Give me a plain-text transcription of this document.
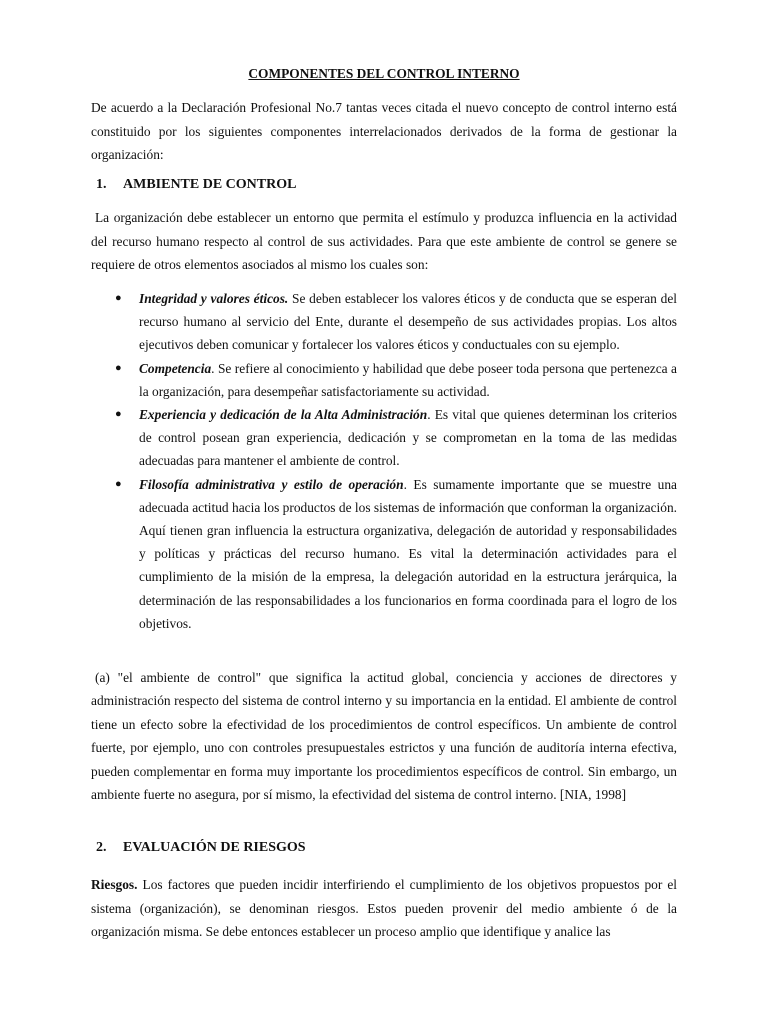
COMPONENTES DEL CONTROL INTERNO

De acuerdo a la Declaración Profesional No.7 tantas veces citada el nuevo concepto de control interno está constituido por los siguientes componentes interrelacionados derivados de la forma de gestionar la organización:

1. AMBIENTE DE CONTROL

La organización debe establecer un entorno que permita el estímulo y produzca influencia en la actividad del recurso humano respecto al control de sus actividades. Para que este ambiente de control se genere se requiere de otros elementos asociados al mismo los cuales son:

● Integridad y valores éticos. Se deben establecer los valores éticos y de conducta que se esperan del recurso humano al servicio del Ente, durante el desempeño de sus actividades propias. Los altos ejecutivos deben comunicar y fortalecer los valores éticos y conductuales con su ejemplo.
● Competencia. Se refiere al conocimiento y habilidad que debe poseer toda persona que pertenezca a la organización, para desempeñar satisfactoriamente su actividad.
● Experiencia y dedicación de la Alta Administración. Es vital que quienes determinan los criterios de control posean gran experiencia, dedicación y se comprometan en la toma de las medidas adecuadas para mantener el ambiente de control.
● Filosofía administrativa y estilo de operación. Es sumamente importante que se muestre una adecuada actitud hacia los productos de los sistemas de información que conforman la organización. Aquí tienen gran influencia la estructura organizativa, delegación de autoridad y responsabilidades y políticas y prácticas del recurso humano. Es vital la determinación actividades para el cumplimiento de la misión de la empresa, la delegación autoridad en la estructura jerárquica, la determinación de las responsabilidades a los funcionarios en forma coordinada para el logro de los objetivos.

(a) "el ambiente de control" que significa la actitud global, conciencia y acciones de directores y administración respecto del sistema de control interno y su importancia en la entidad. El ambiente de control tiene un efecto sobre la efectividad de los procedimientos de control específicos. Un ambiente de control fuerte, por ejemplo, uno con controles presupuestales estrictos y una función de auditoría interna efectiva, pueden complementar en forma muy importante los procedimientos específicos de control. Sin embargo, un ambiente fuerte no asegura, por sí mismo, la efectividad del sistema de control interno. [NIA, 1998]

2. EVALUACIÓN DE RIESGOS

Riesgos. Los factores que pueden incidir interfiriendo el cumplimiento de los objetivos propuestos por el sistema (organización), se denominan riesgos. Estos pueden provenir del medio ambiente ó de la organización misma. Se debe entonces establecer un proceso amplio que identifique y analice las
